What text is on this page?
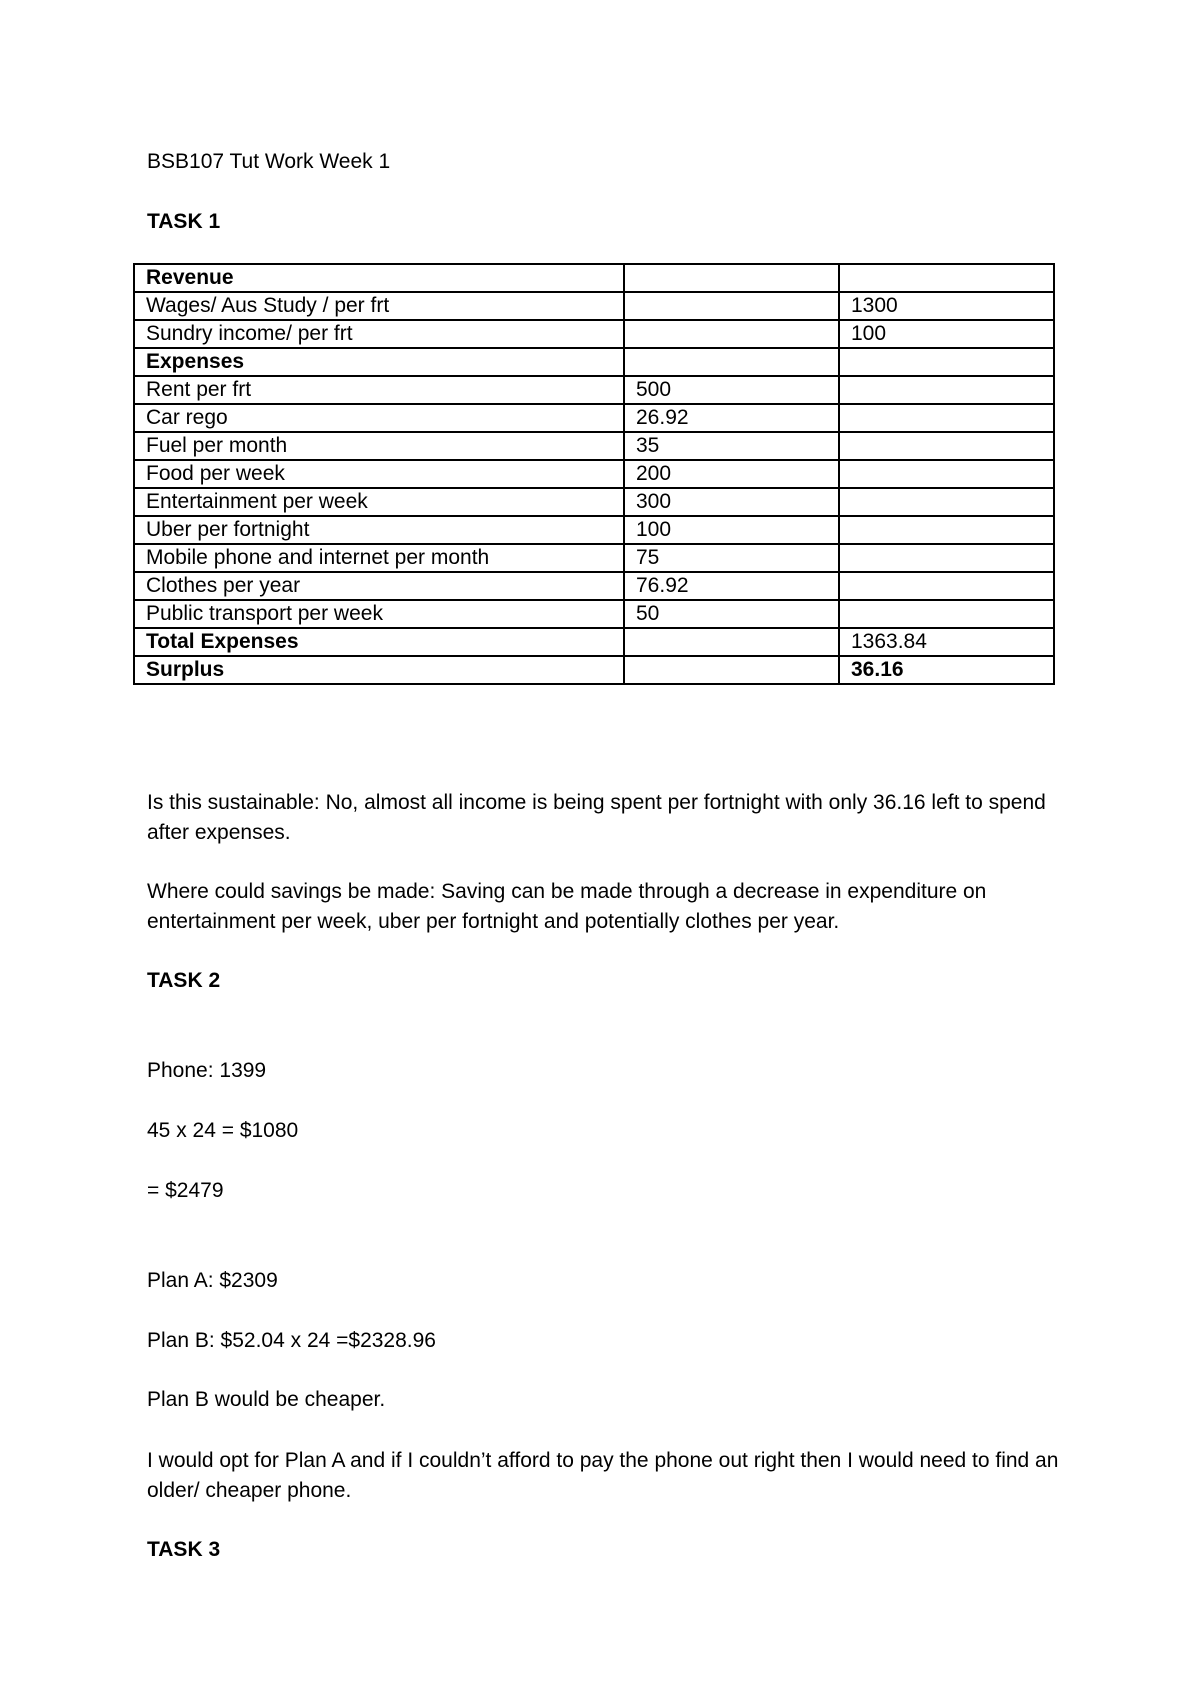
BSB107 Tut Work Week 1
TASK 1
Revenue		
Wages/ Aus Study / per frt		1300
Sundry income/ per frt		100
Expenses		
Rent per frt	500	
Car rego	26.92	
Fuel per month	35	
Food per week	200	
Entertainment per week	300	
Uber per fortnight	100	
Mobile phone and internet per month	75	
Clothes per year	76.92	
Public transport per week	50	
Total Expenses		1363.84
Surplus		36.16
Is this sustainable: No, almost all income is being spent per fortnight with only 36.16 left to spend after expenses.
Where could savings be made: Saving can be made through a decrease in expenditure on entertainment per week, uber per fortnight and potentially clothes per year.
TASK 2
Phone: 1399
45 x 24 = $1080
= $2479
Plan A: $2309
Plan B: $52.04 x 24 =$2328.96
Plan B would be cheaper.
I would opt for Plan A and if I couldn’t afford to pay the phone out right then I would need to find an older/ cheaper phone.
TASK 3
